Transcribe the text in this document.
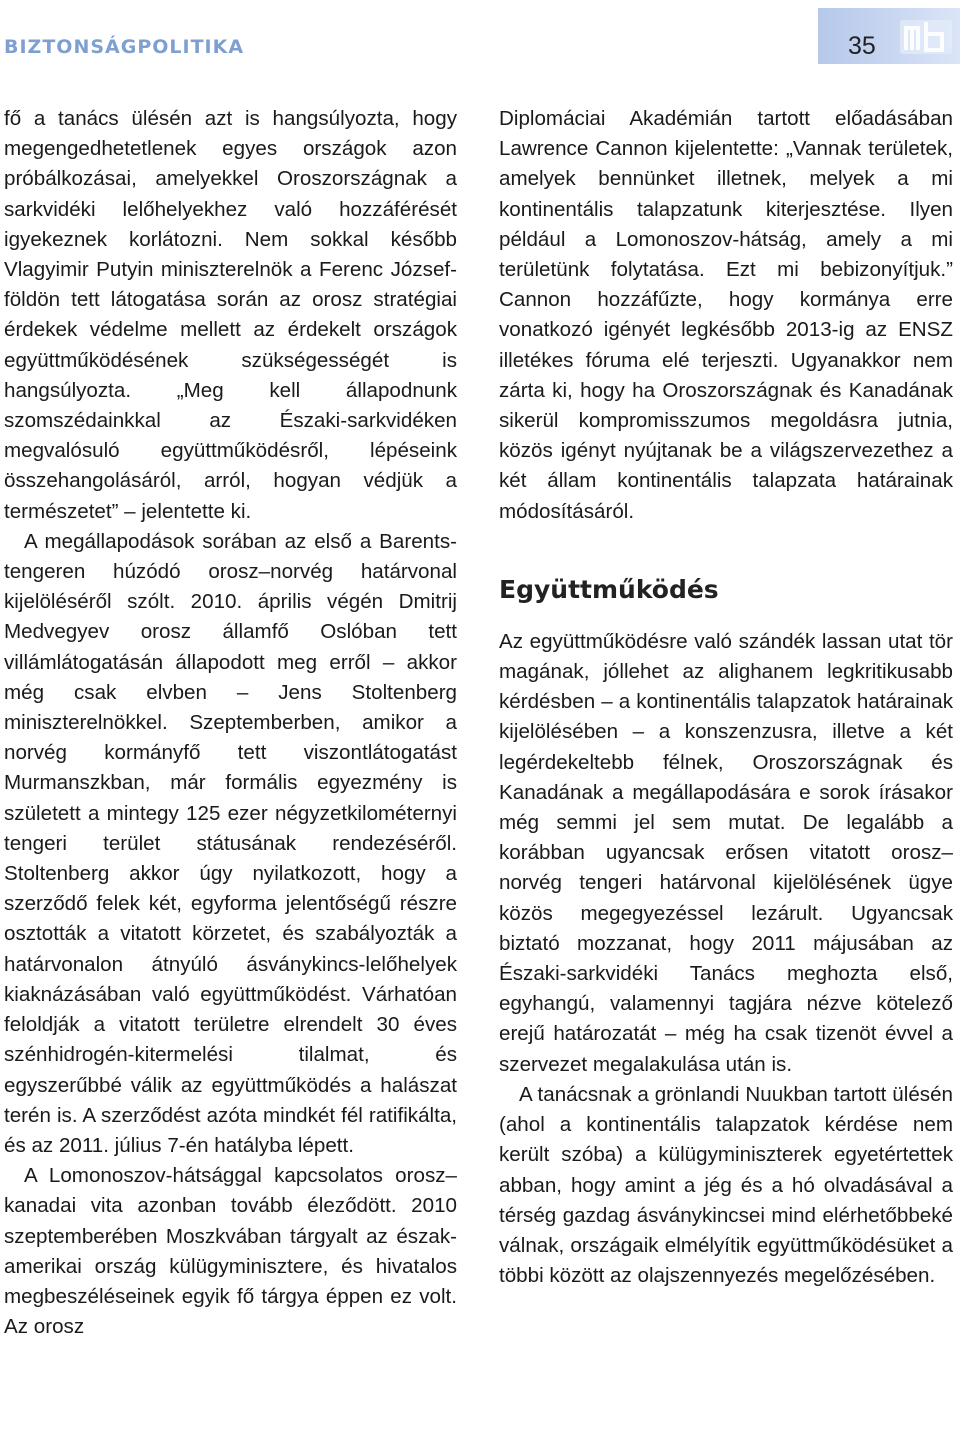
BIZTONSÁGPOLITIKA	35

fő a tanács ülésén azt is hangsúlyozta, hogy megengedhetetlenek egyes országok azon próbálkozásai, amelyekkel Oroszországnak a sarkvidéki lelőhelyekhez való hozzáférését igyekeznek korlátozni. Nem sokkal később Vlagyimir Putyin miniszterelnök a Ferenc József-földön tett látogatása során az orosz stratégiai érdekek védelme mellett az érdekelt országok együttműködésének szükségességét is hangsúlyozta. „Meg kell állapodnunk szomszédainkkal az Északi-sarkvidéken megvalósuló együttműködésről, lépéseink összehangolásáról, arról, hogyan védjük a természetet” – jelentette ki.

A megállapodások sorában az első a Barents-tengeren húzódó orosz–norvég határvonal kijelöléséről szólt. 2010. április végén Dmitrij Medvegyev orosz államfő Oslóban tett villámlátogatásán állapodott meg erről – akkor még csak elvben – Jens Stoltenberg miniszterelnökkel. Szeptemberben, amikor a norvég kormányfő tett viszontlátogatást Murmanszkban, már formális egyezmény is született a mintegy 125 ezer négyzetkilométernyi tengeri terület státusának rendezéséről. Stoltenberg akkor úgy nyilatkozott, hogy a szerződő felek két, egyforma jelentőségű részre osztották a vitatott körzetet, és szabályozták a határvonalon átnyúló ásványkincs-lelőhelyek kiaknázásában való együttműködést. Várhatóan feloldják a vitatott területre elrendelt 30 éves szénhidrogén-kitermelési tilalmat, és egyszerűbbé válik az együttműködés a halászat terén is. A szerződést azóta mindkét fél ratifikálta, és az 2011. július 7-én hatályba lépett.

A Lomonoszov-hátsággal kapcsolatos orosz–kanadai vita azonban tovább éleződött. 2010 szeptemberében Moszkvában tárgyalt az észak-amerikai ország külügyminisztere, és hivatalos megbeszéléseinek egyik fő tárgya éppen ez volt. Az orosz

Diplomáciai Akadémián tartott előadásában Lawrence Cannon kijelentette: „Vannak területek, amelyek bennünket illetnek, melyek a mi kontinentális talapzatunk kiterjesztése. Ilyen például a Lomonoszov-hátság, amely a mi területünk folytatása. Ezt mi bebizonyítjuk.” Cannon hozzáfűzte, hogy kormánya erre vonatkozó igényét legkésőbb 2013-ig az ENSZ illetékes fóruma elé terjeszti. Ugyanakkor nem zárta ki, hogy ha Oroszországnak és Kanadának sikerül kompromisszumos megoldásra jutnia, közös igényt nyújtanak be a világszervezethez a két állam kontinentális talapzata határainak módosításáról.

Együttműködés

Az együttműködésre való szándék lassan utat tör magának, jóllehet az alighanem legkritikusabb kérdésben – a kontinentális talapzatok határainak kijelölésében – a konszenzusra, illetve a két legérdekeltebb félnek, Oroszországnak és Kanadának a megállapodására e sorok írásakor még semmi jel sem mutat. De legalább a korábban ugyancsak erősen vitatott orosz–norvég tengeri határvonal kijelölésének ügye közös megegyezéssel lezárult. Ugyancsak biztató mozzanat, hogy 2011 májusában az Északi-sarkvidéki Tanács meghozta első, egyhangú, valamennyi tagjára nézve kötelező erejű határozatát – még ha csak tizenöt évvel a szervezet megalakulása után is.

A tanácsnak a grönlandi Nuukban tartott ülésén (ahol a kontinentális talapzatok kérdése nem került szóba) a külügyminiszterek egyetértettek abban, hogy amint a jég és a hó olvadásával a térség gazdag ásványkincsei mind elérhetőbbeké válnak, országaik elmélyítik együttműködésüket a többi között az olajszennyezés megelőzésében.
